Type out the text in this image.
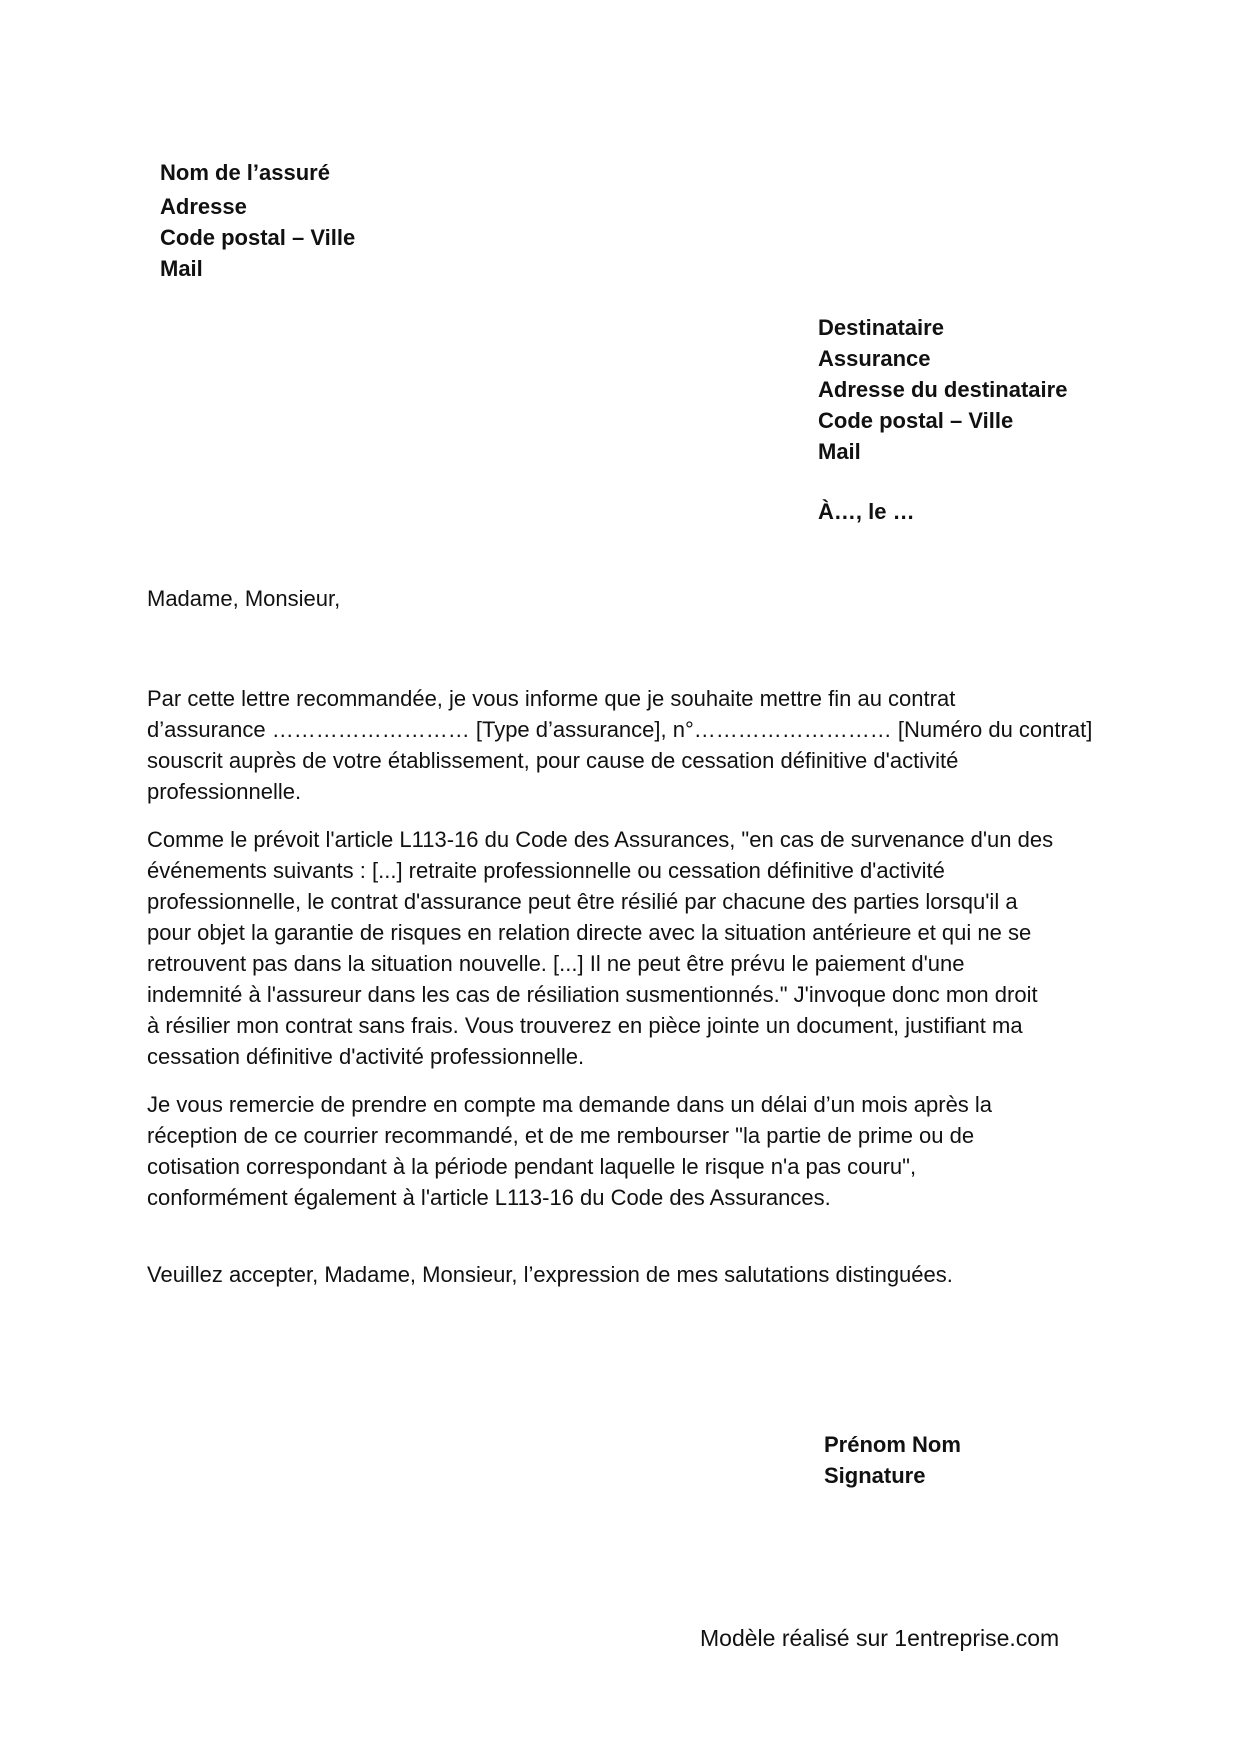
Nom de l’assuré
Adresse
Code postal – Ville
Mail
Destinataire
Assurance
Adresse du destinataire
Code postal – Ville
Mail
À…, le …
Madame, Monsieur,

Par cette lettre recommandée, je vous informe que je souhaite mettre fin au contrat
d’assurance ……………………… [Type d’assurance], n°……………………… [Numéro du contrat]
souscrit auprès de votre établissement, pour cause de cessation définitive d'activité
professionnelle.

Comme le prévoit l'article L113-16 du Code des Assurances, "en cas de survenance d'un des
événements suivants : [...] retraite professionnelle ou cessation définitive d'activité
professionnelle, le contrat d'assurance peut être résilié par chacune des parties lorsqu'il a
pour objet la garantie de risques en relation directe avec la situation antérieure et qui ne se
retrouvent pas dans la situation nouvelle. [...] Il ne peut être prévu le paiement d'une
indemnité à l'assureur dans les cas de résiliation susmentionnés." J'invoque donc mon droit
à résilier mon contrat sans frais. Vous trouverez en pièce jointe un document, justifiant ma
cessation définitive d'activité professionnelle.

Je vous remercie de prendre en compte ma demande dans un délai d’un mois après la
réception de ce courrier recommandé, et de me rembourser "la partie de prime ou de
cotisation correspondant à la période pendant laquelle le risque n'a pas couru",
conformément également à l'article L113-16 du Code des Assurances.

Veuillez accepter, Madame, Monsieur, l’expression de mes salutations distinguées.
Prénom Nom
Signature
Modèle réalisé sur 1entreprise.com
